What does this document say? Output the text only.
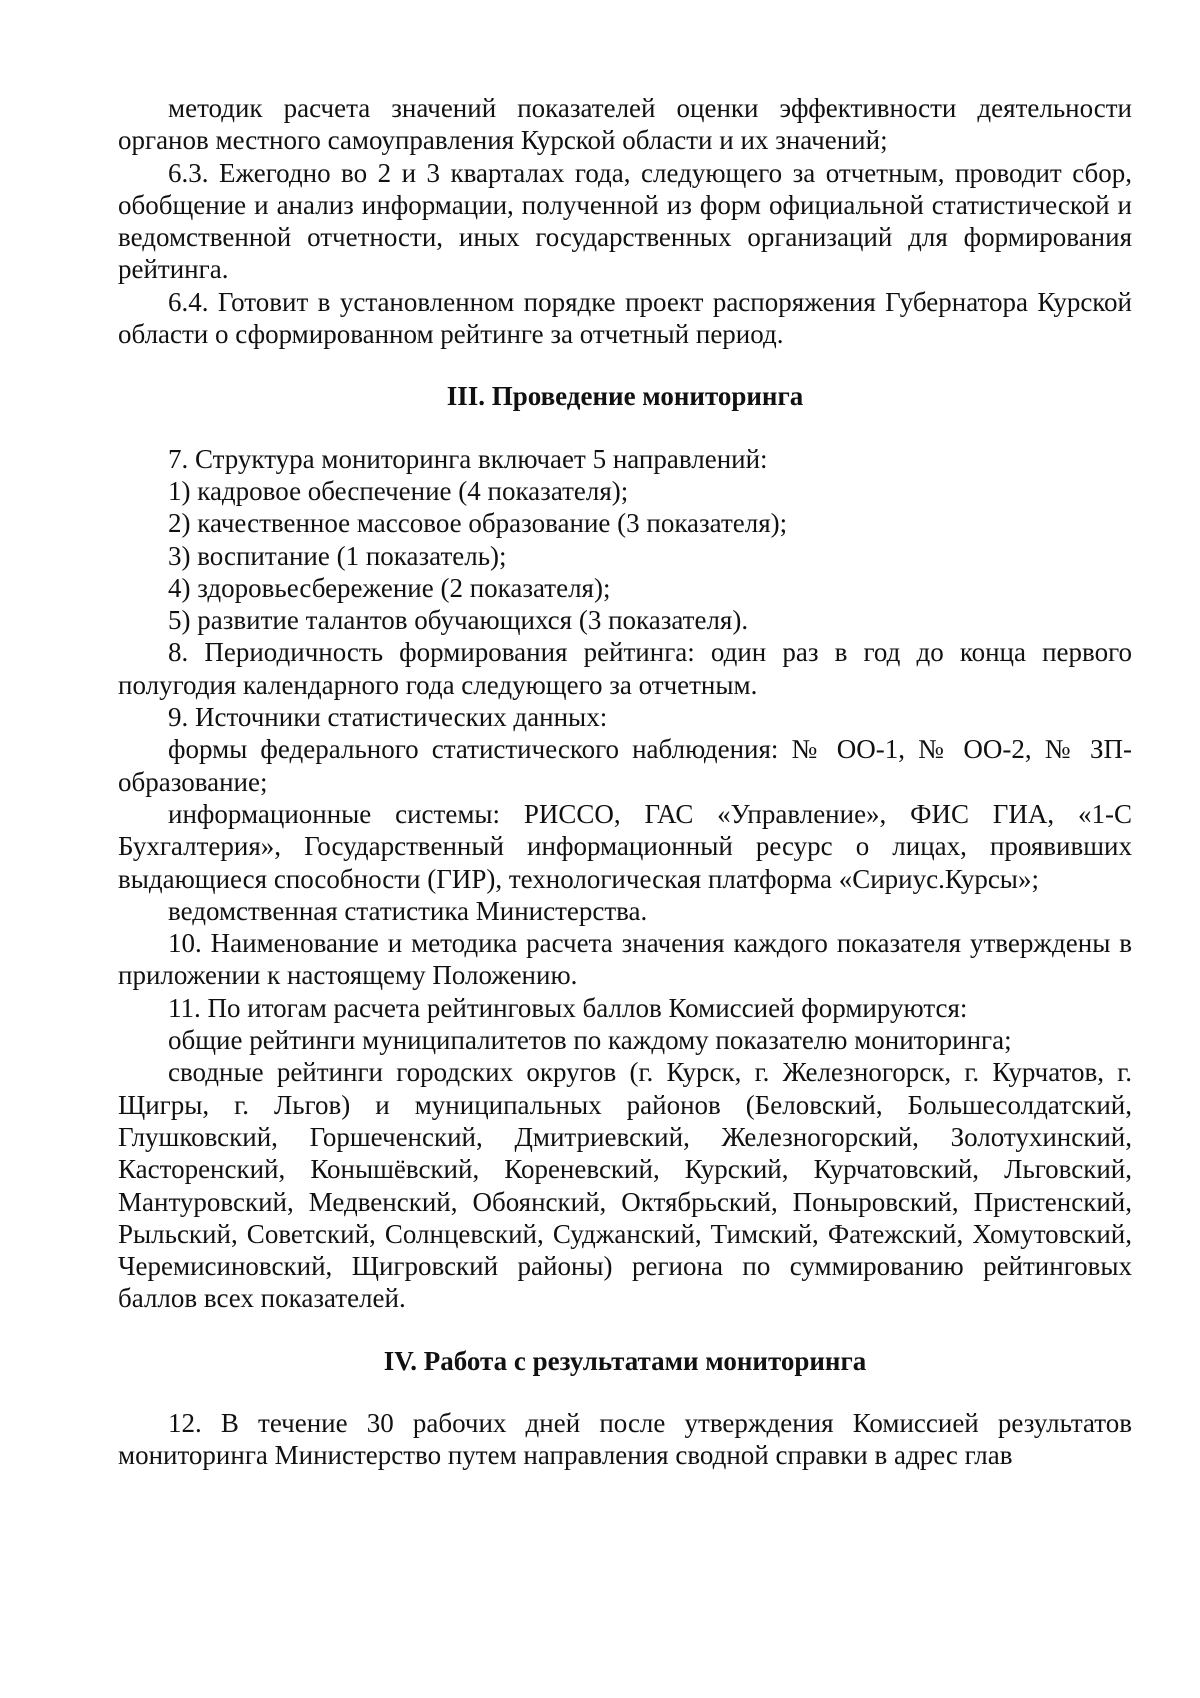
методик расчета значений показателей оценки эффективности деятельности органов местного самоуправления Курской области и их значений;

6.3. Ежегодно во 2 и 3 кварталах года, следующего за отчетным, проводит сбор, обобщение и анализ информации, полученной из форм официальной статистической и ведомственной отчетности, иных государственных организаций для формирования рейтинга.

6.4. Готовит в установленном порядке проект распоряжения Губернатора Курской области о сформированном рейтинге за отчетный период.

III. Проведение мониторинга

7. Структура мониторинга включает 5 направлений:

1) кадровое обеспечение (4 показателя);

2) качественное массовое образование (3 показателя);

3) воспитание (1 показатель);

4) здоровьесбережение (2 показателя);

5) развитие талантов обучающихся (3 показателя).

8. Периодичность формирования рейтинга: один раз в год до конца первого полугодия календарного года следующего за отчетным.

9. Источники статистических данных:

формы федерального статистического наблюдения: № ОО-1, № ОО-2, № ЗП-образование;

информационные системы: РИССО, ГАС «Управление», ФИС ГИА, «1-С Бухгалтерия», Государственный информационный ресурс о лицах, проявивших выдающиеся способности (ГИР), технологическая платформа «Сириус.Курсы»;

ведомственная статистика Министерства.

10. Наименование и методика расчета значения каждого показателя утверждены в приложении к настоящему Положению.

11. По итогам расчета рейтинговых баллов Комиссией формируются:

общие рейтинги муниципалитетов по каждому показателю мониторинга;

сводные рейтинги городских округов (г. Курск, г. Железногорск, г. Курчатов, г. Щигры, г. Льгов) и муниципальных районов (Беловский, Большесолдатский, Глушковский, Горшеченский, Дмитриевский, Железногорский, Золотухинский, Касторенский, Конышёвский, Кореневский, Курский, Курчатовский, Льговский, Мантуровский, Медвенский, Обоянский, Октябрьский, Поныровский, Пристенский, Рыльский, Советский, Солнцевский, Суджанский, Тимский, Фатежский, Хомутовский, Черемисиновский, Щигровский районы) региона по суммированию рейтинговых баллов всех показателей.

IV. Работа с результатами мониторинга

12. В течение 30 рабочих дней после утверждения Комиссией результатов мониторинга Министерство путем направления сводной справки в адрес глав
